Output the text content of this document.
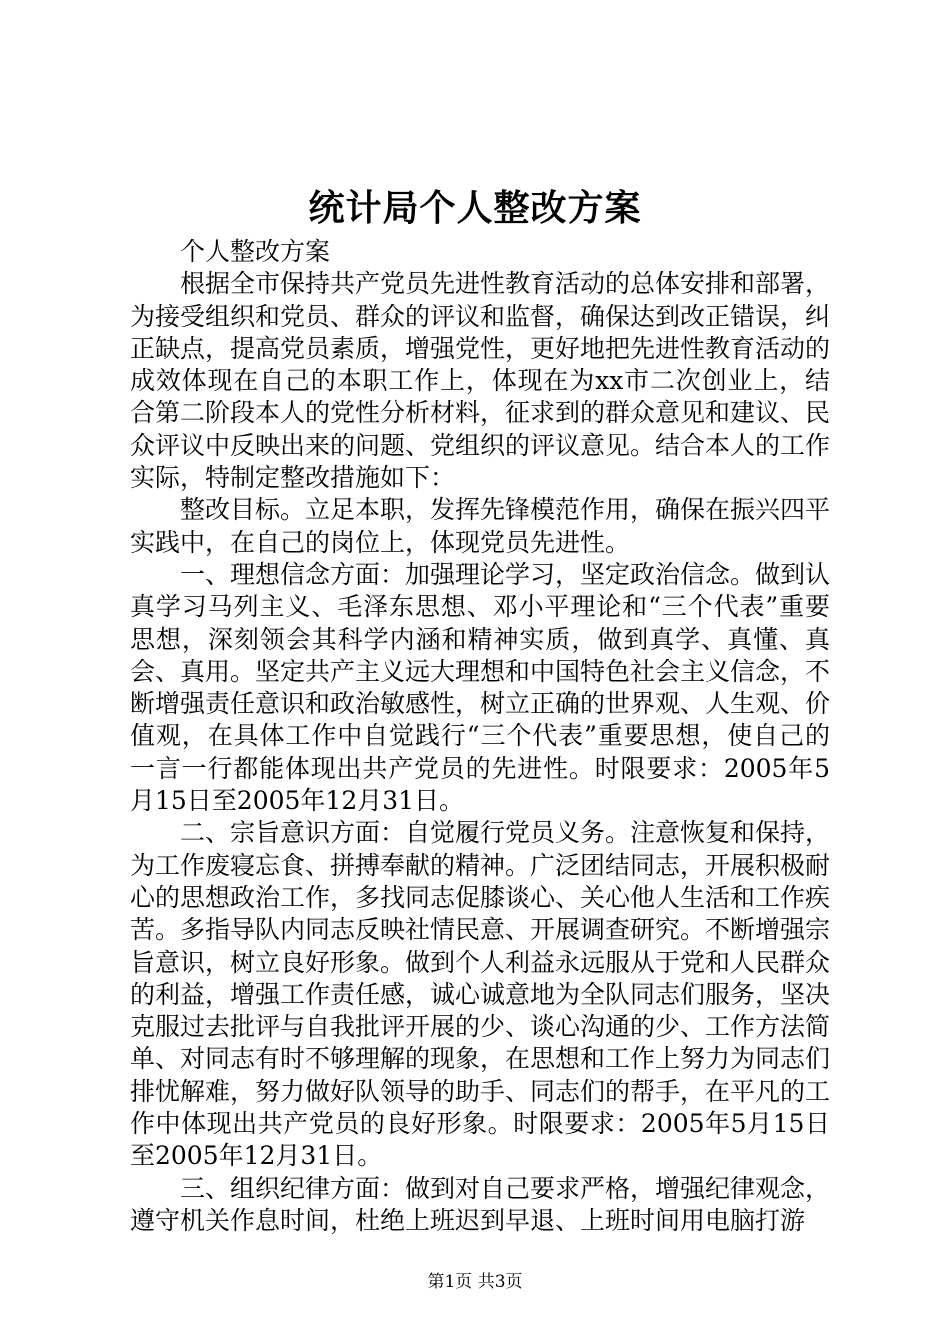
统计局个人整改方案

个人整改方案

根据全市保持共产党员先进性教育活动的总体安排和部署，为接受组织和党员、群众的评议和监督，确保达到改正错误，纠正缺点，提高党员素质，增强党性，更好地把先进性教育活动的成效体现在自己的本职工作上，体现在为xx市二次创业上，结合第二阶段本人的党性分析材料，征求到的群众意见和建议、民众评议中反映出来的问题、党组织的评议意见。结合本人的工作实际，特制定整改措施如下：

整改目标。立足本职，发挥先锋模范作用，确保在振兴四平实践中，在自己的岗位上，体现党员先进性。

一、理想信念方面：加强理论学习，坚定政治信念。做到认真学习马列主义、毛泽东思想、邓小平理论和“三个代表”重要思想，深刻领会其科学内涵和精神实质，做到真学、真懂、真会、真用。坚定共产主义远大理想和中国特色社会主义信念，不断增强责任意识和政治敏感性，树立正确的世界观、人生观、价值观，在具体工作中自觉践行“三个代表”重要思想，使自己的一言一行都能体现出共产党员的先进性。时限要求：2005年5月15日至2005年12月31日。

二、宗旨意识方面：自觉履行党员义务。注意恢复和保持，为工作废寝忘食、拼搏奉献的精神。广泛团结同志，开展积极耐心的思想政治工作，多找同志促膝谈心、关心他人生活和工作疾苦。多指导队内同志反映社情民意、开展调查研究。不断增强宗旨意识，树立良好形象。做到个人利益永远服从于党和人民群众的利益，增强工作责任感，诚心诚意地为全队同志们服务，坚决克服过去批评与自我批评开展的少、谈心沟通的少、工作方法简单、对同志有时不够理解的现象，在思想和工作上努力为同志们排忧解难，努力做好队领导的助手、同志们的帮手，在平凡的工作中体现出共产党员的良好形象。时限要求：2005年5月15日至2005年12月31日。

三、组织纪律方面：做到对自己要求严格，增强纪律观念，遵守机关作息时间，杜绝上班迟到早退、上班时间用电脑打游

第1页 共3页
